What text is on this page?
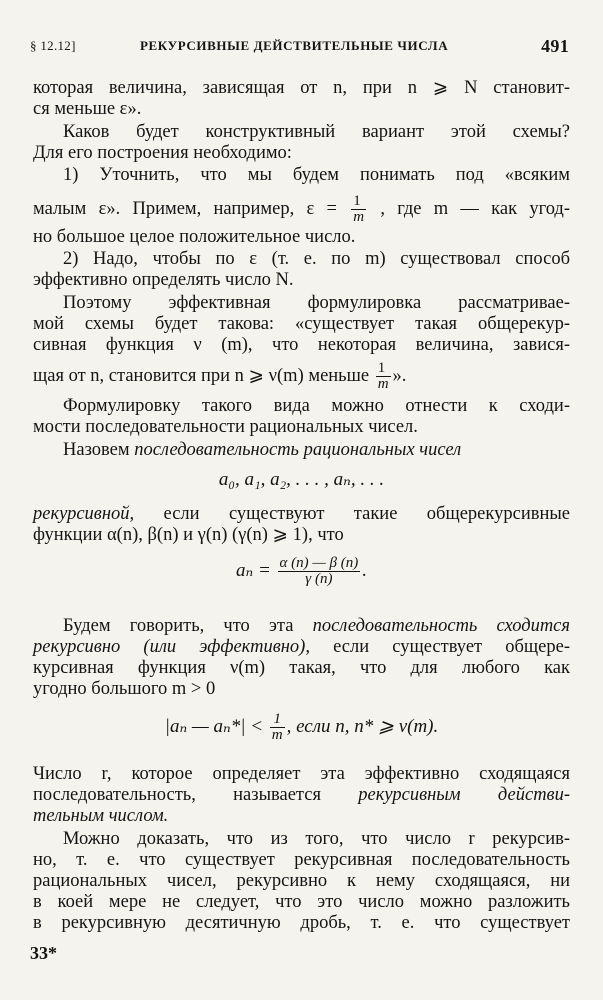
§ 12.12]	РЕКУРСИВНЫЕ ДЕЙСТВИТЕЛЬНЫЕ ЧИСЛА	491
которая величина, зависящая от n, при n ⩾ N становит-
ся меньше ε».
Каков будет конструктивный вариант этой схемы?
Для его построения необходимо:
1) Уточнить, что мы будем понимать под «всяким
малым ε». Примем, например, $\varepsilon = \frac{1}{m}$ , где m — как угод-
но большое целое положительное число.
2) Надо, чтобы по ε (т. е. по m) существовал способ
эффективно определять число N.
Поэтому эффективная формулировка рассматривае-
мой схемы будет такова: «существует такая общерекур-
сивная функция ν (m), что некоторая величина, завися-
щая от n, становится при n ⩾ ν(m) меньше $\frac{1}{m}$ ».
Формулировку такого вида можно отнести к сходи-
мости последовательности рациональных чисел.
Назовем последовательность рациональных чисел
a₀, a₁, a₂, . . . , aₙ, . . .
рекурсивной, если существуют такие общерекурсивные
функции α(n), β(n) и γ(n) (γ(n) ⩾ 1), что
$a_n = \frac{\alpha (n) — \beta (n)}{\gamma (n)}$ .
Будем говорить, что эта последовательность сходится
рекурсивно (или эффективно), если существует общере-
курсивная функция ν(m) такая, что для любого как
угодно большого m > 0
|aₙ — $a_n*| < \frac{1}{m}$ , если n, n* ⩾ ν(m).
Число r, которое определяет эта эффективно сходящаяся
последовательность, называется рекурсивным действи-
тельным числом.
Можно доказать, что из того, что число r рекурсив-
но, т. е. что существует рекурсивная последовательность
рациональных чисел, рекурсивно к нему сходящаяся, ни
в коей мере не следует, что это число можно разложить
в рекурсивную десятичную дробь, т. е. что существует
33*
